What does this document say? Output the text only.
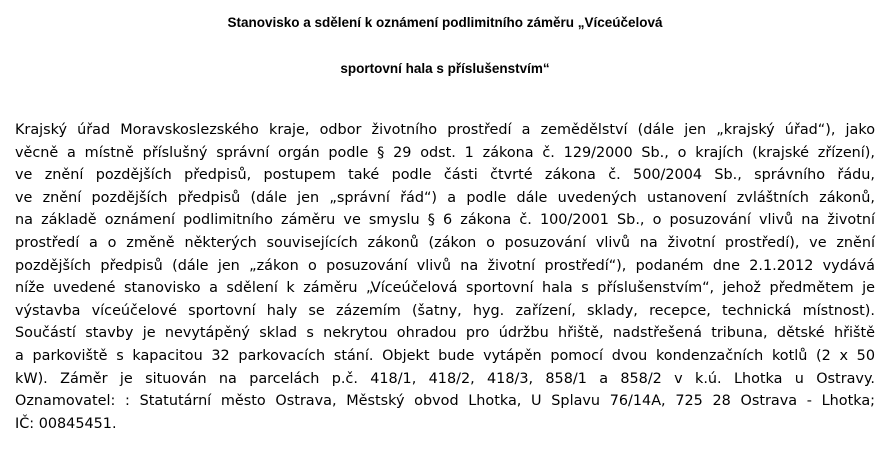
Stanovisko a sdělení k oznámení podlimitního záměru „Víceúčelová
sportovní hala s příslušenstvím“
Krajský úřad Moravskoslezského kraje, odbor životního prostředí a zemědělství (dále jen „krajský úřad“), jako
věcně a místně příslušný správní orgán podle § 29 odst. 1 zákona č. 129/2000 Sb., o krajích (krajské zřízení),
ve znění pozdějších předpisů, postupem také podle části čtvrté zákona č. 500/2004 Sb., správního řádu,
ve znění pozdějších předpisů (dále jen „správní řád“) a podle dále uvedených ustanovení zvláštních zákonů,
na základě oznámení podlimitního záměru ve smyslu § 6 zákona č. 100/2001 Sb., o posuzování vlivů na životní
prostředí a o změně některých souvisejících zákonů (zákon o posuzování vlivů na životní prostředí), ve znění
pozdějších předpisů (dále jen „zákon o posuzování vlivů na životní prostředí“), podaném dne 2.1.2012 vydává
níže uvedené stanovisko a sdělení k záměru „Víceúčelová sportovní hala s příslušenstvím“, jehož předmětem je
výstavba víceúčelové sportovní haly se zázemím (šatny, hyg. zařízení, sklady, recepce, technická místnost).
Součástí stavby je nevytápěný sklad s nekrytou ohradou pro údržbu hřiště, nadstřešená tribuna, dětské hřiště
a parkoviště s kapacitou 32 parkovacích stání. Objekt bude vytápěn pomocí dvou kondenzačních kotlů (2 x 50
kW). Záměr je situován na parcelách p.č. 418/1, 418/2, 418/3, 858/1 a 858/2 v k.ú. Lhotka u Ostravy.
Oznamovatel: : Statutární město Ostrava, Městský obvod Lhotka, U Splavu 76/14A, 725 28 Ostrava - Lhotka;
IČ: 00845451.
